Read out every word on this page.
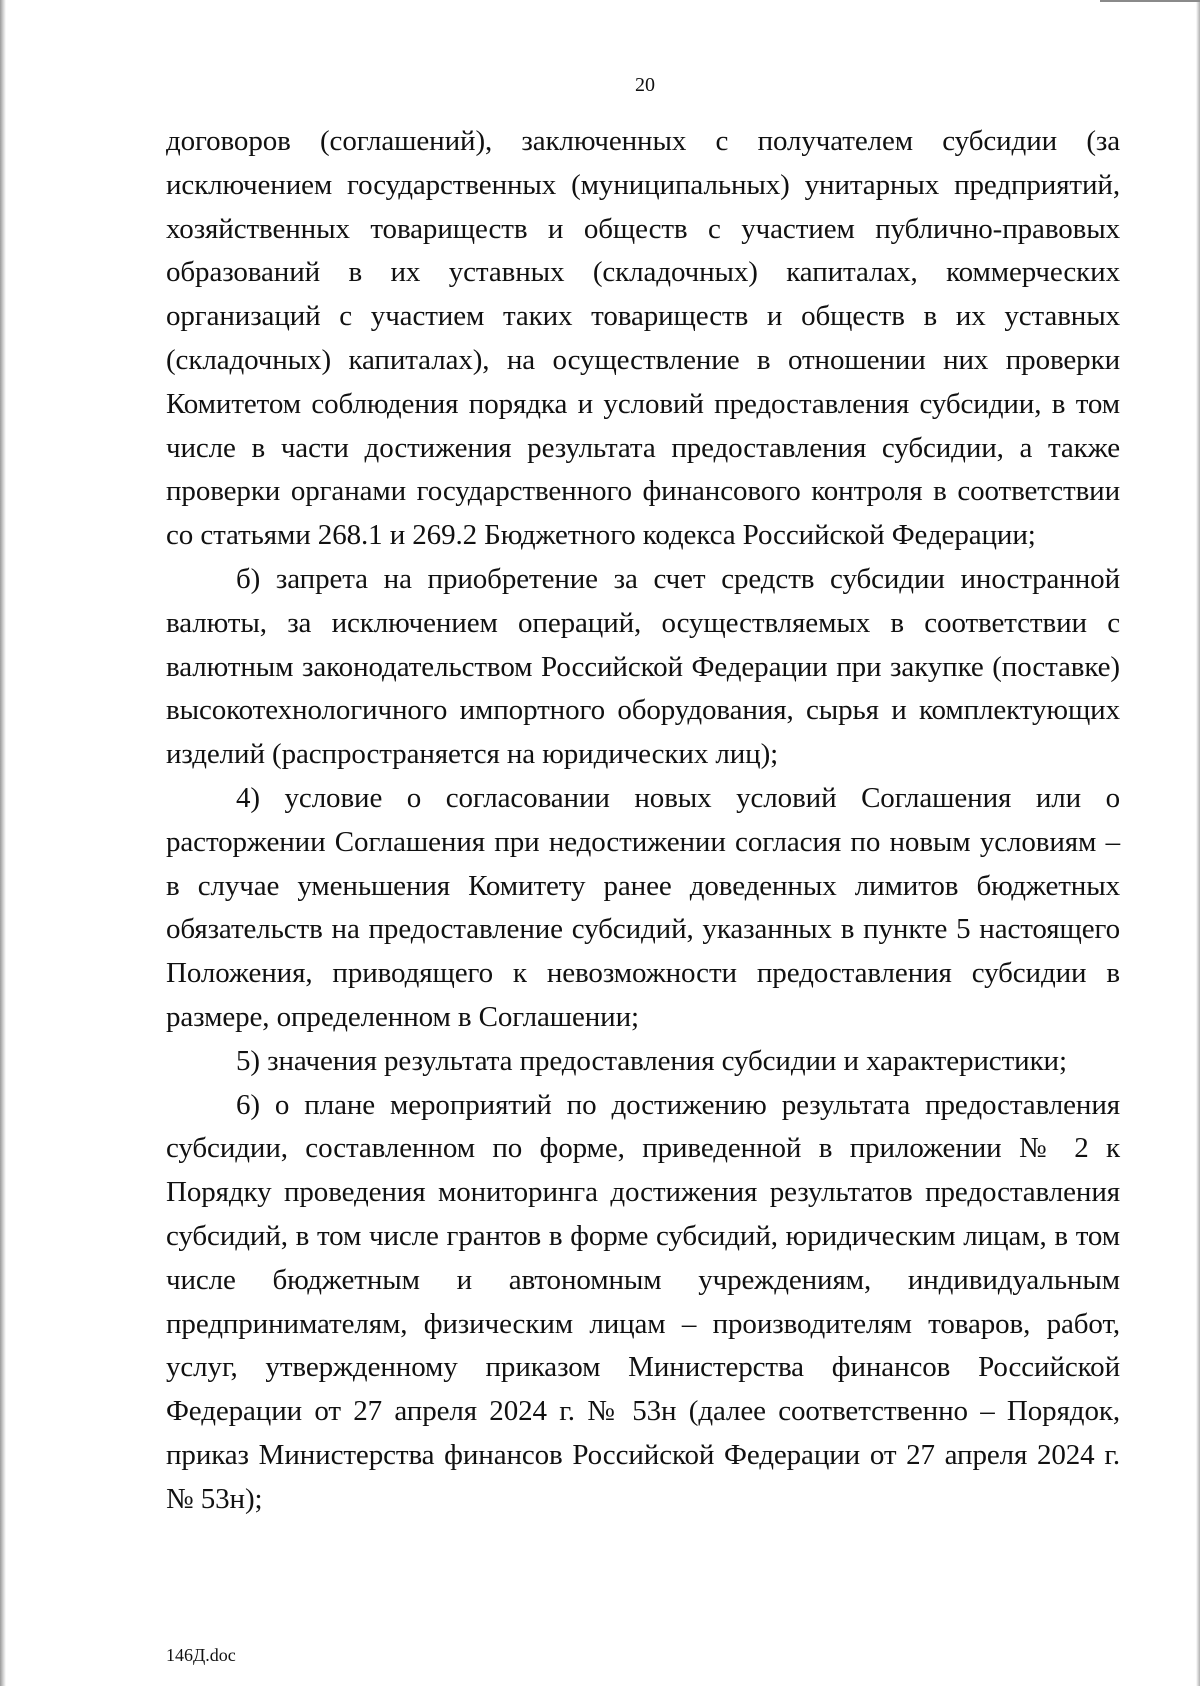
20

договоров (соглашений), заключенных с получателем субсидии (за исключением государственных (муниципальных) унитарных предприятий, хозяйственных товариществ и обществ с участием публично-правовых образований в их уставных (складочных) капиталах, коммерческих организаций с участием таких товариществ и обществ в их уставных (складочных) капиталах), на осуществление в отношении них проверки Комитетом соблюдения порядка и условий предоставления субсидии, в том числе в части достижения результата предоставления субсидии, а также проверки органами государственного финансового контроля в соответствии со статьями 268.1 и 269.2 Бюджетного кодекса Российской Федерации;

б) запрета на приобретение за счет средств субсидии иностранной валюты, за исключением операций, осуществляемых в соответствии с валютным законодательством Российской Федерации при закупке (поставке) высокотехнологичного импортного оборудования, сырья и комплектующих изделий (распространяется на юридических лиц);

4) условие о согласовании новых условий Соглашения или о расторжении Соглашения при недостижении согласия по новым условиям – в случае уменьшения Комитету ранее доведенных лимитов бюджетных обязательств на предоставление субсидий, указанных в пункте 5 настоящего Положения, приводящего к невозможности предоставления субсидии в размере, определенном в Соглашении;

5) значения результата предоставления субсидии и характеристики;

6) о плане мероприятий по достижению результата предоставления субсидии, составленном по форме, приведенной в приложении № 2 к Порядку проведения мониторинга достижения результатов предоставления субсидий, в том числе грантов в форме субсидий, юридическим лицам, в том числе бюджетным и автономным учреждениям, индивидуальным предпринимателям, физическим лицам – производителям товаров, работ, услуг, утвержденному приказом Министерства финансов Российской Федерации от 27 апреля 2024 г. № 53н (далее соответственно – Порядок, приказ Министерства финансов Российской Федерации от 27 апреля 2024 г. № 53н);

146Д.doc
